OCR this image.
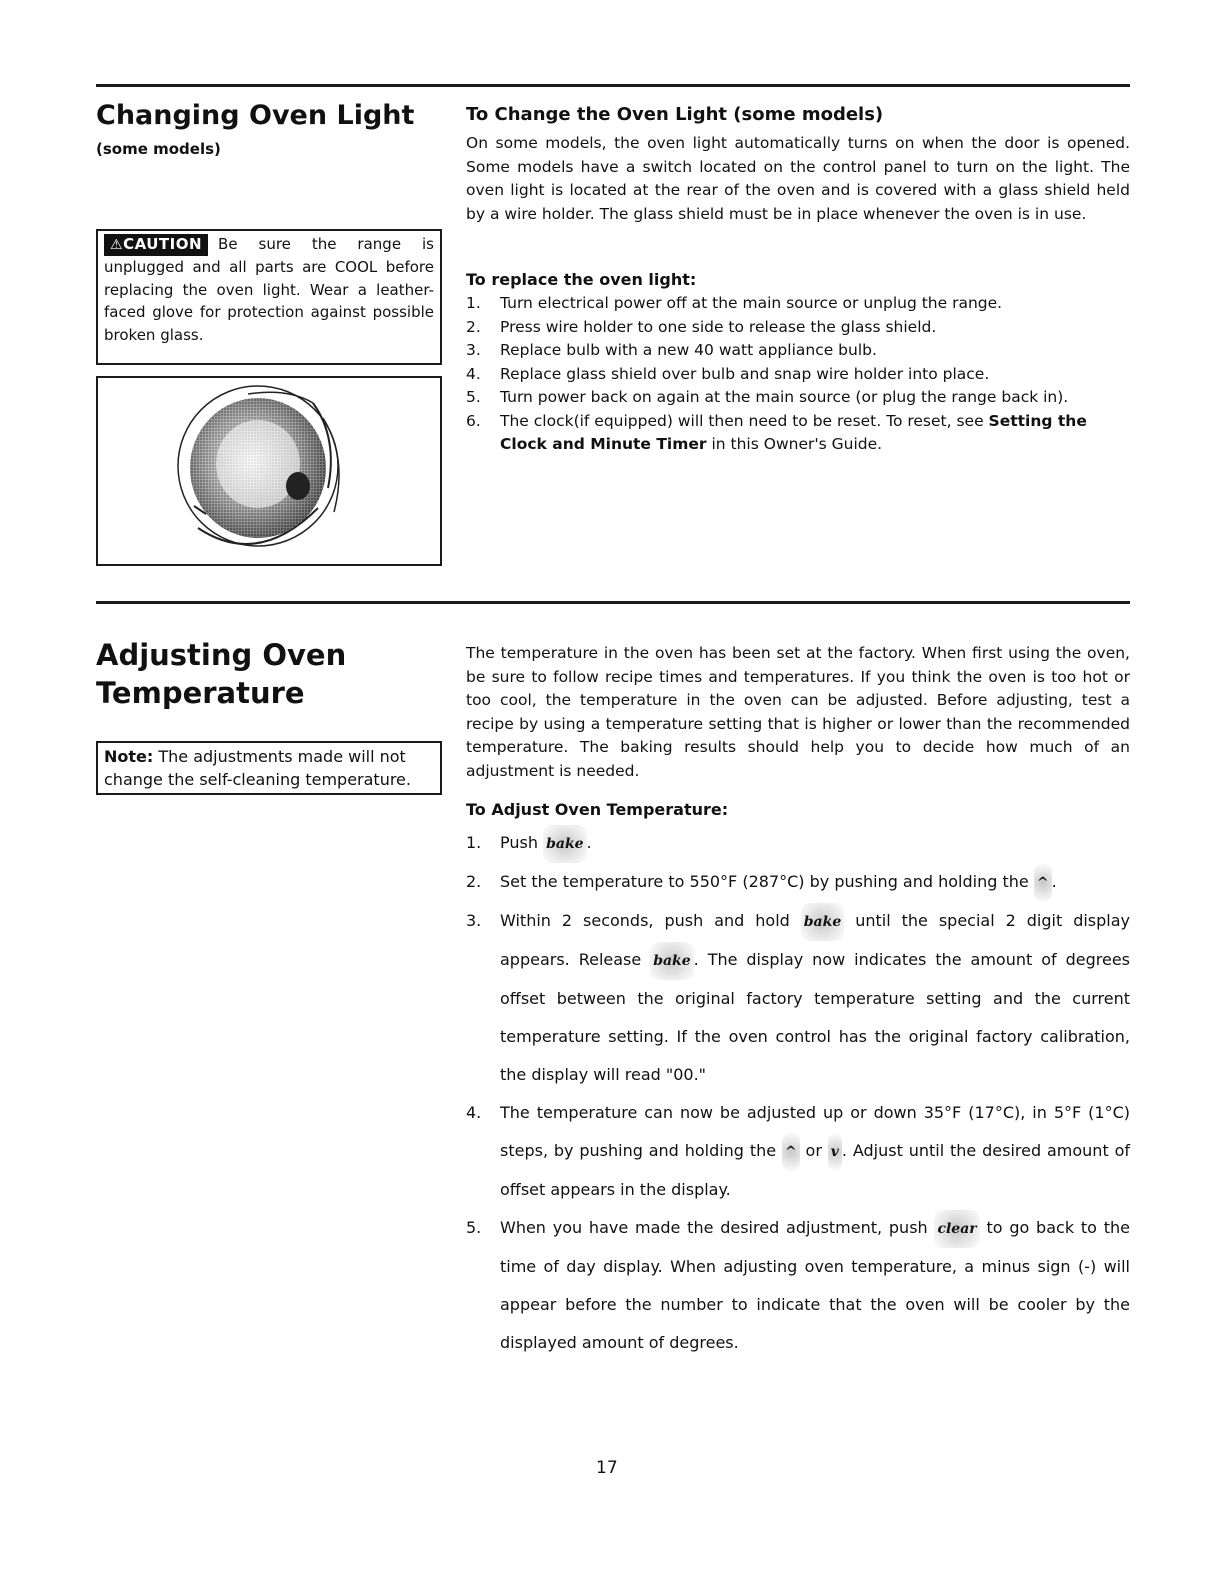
Changing Oven Light
(some models)
⚠CAUTION Be sure the range is unplugged and all parts are COOL before replacing the oven light. Wear a leather-faced glove for protection against possible broken glass.
To Change the Oven Light (some models)

On some models, the oven light automatically turns on when the door is opened. Some models have a switch located on the control panel to turn on the light. The oven light is located at the rear of the oven and is covered with a glass shield held by a wire holder. The glass shield must be in place whenever the oven is in use.

To replace the oven light:

1. Turn electrical power off at the main source or unplug the range.
2. Press wire holder to one side to release the glass shield.
3. Replace bulb with a new 40 watt appliance bulb.
4. Replace glass shield over bulb and snap wire holder into place.
5. Turn power back on again at the main source (or plug the range back in).
6. The clock(if equipped) will then need to be reset. To reset, see Setting the Clock and Minute Timer in this Owner's Guide.
Adjusting Oven Temperature
Note: The adjustments made will not change the self-cleaning temperature.

The temperature in the oven has been set at the factory. When first using the oven, be sure to follow recipe times and temperatures. If you think the oven is too hot or too cool, the temperature in the oven can be adjusted. Before adjusting, test a recipe by using a temperature setting that is higher or lower than the recommended temperature. The baking results should help you to decide how much of an adjustment is needed.

To Adjust Oven Temperature:

1. Push bake .
2. Set the temperature to 550°F (287°C) by pushing and holding the ^ .
3. Within 2 seconds, push and hold bake until the special 2 digit display appears. Release bake . The display now indicates the amount of degrees offset between the original factory temperature setting and the current temperature setting. If the oven control has the original factory calibration, the display will read "00."
4. The temperature can now be adjusted up or down 35°F (17°C), in 5°F (1°C) steps, by pushing and holding the ^ or v . Adjust until the desired amount of offset appears in the display.
5. When you have made the desired adjustment, push clear to go back to the time of day display. When adjusting oven temperature, a minus sign (-) will appear before the number to indicate that the oven will be cooler by the displayed amount of degrees.
17
